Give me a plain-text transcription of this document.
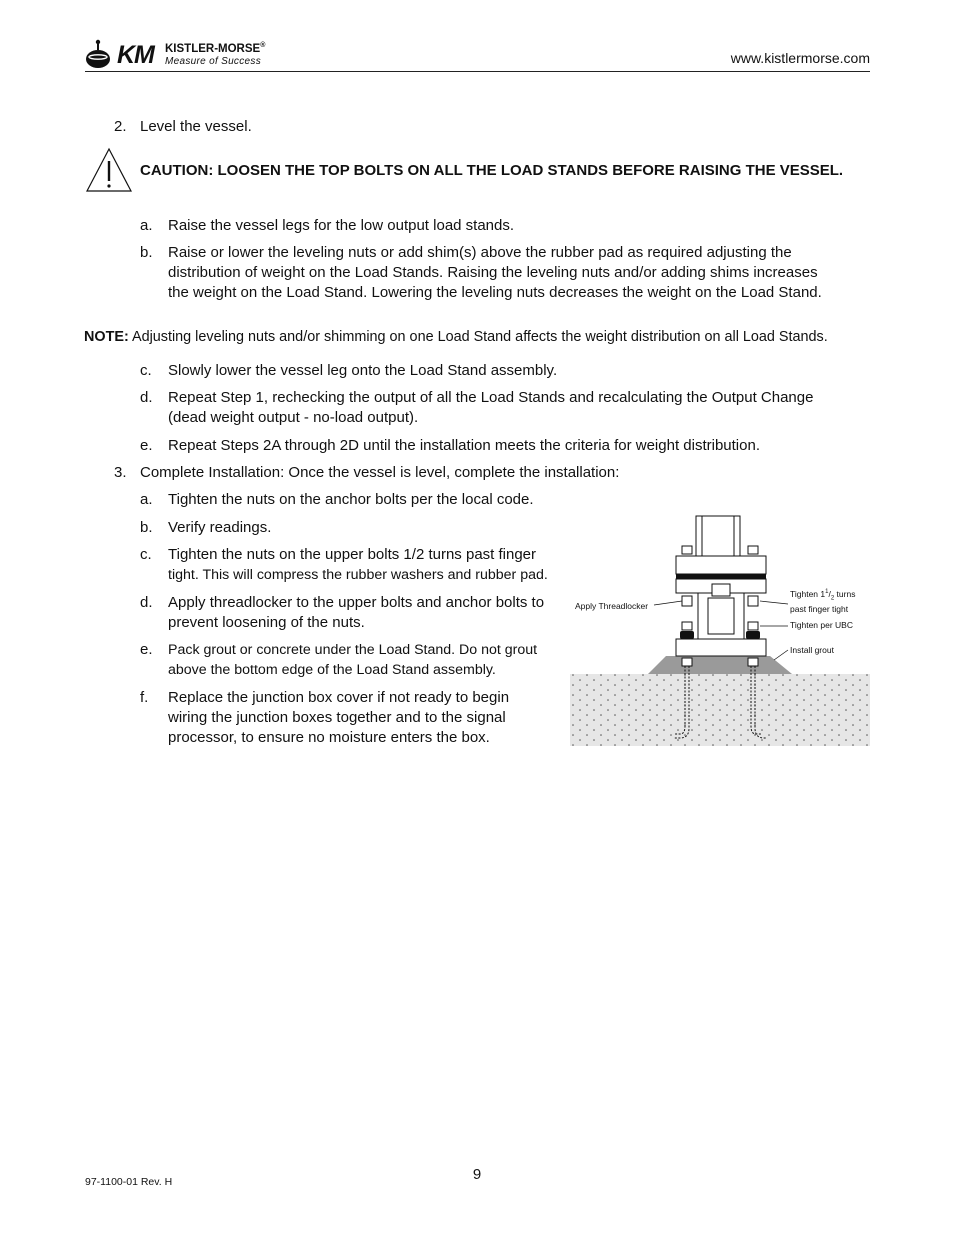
KM KISTLER-MORSE®
Measure of Success	www.kistlermorse.com
2. Level the vessel.
CAUTION: LOOSEN THE TOP BOLTS ON ALL THE LOAD STANDS BEFORE RAISING THE VESSEL.
a. Raise the vessel legs for the low output load stands.
b. Raise or lower the leveling nuts or add shim(s) above the rubber pad as required adjusting the
distribution of weight on the Load Stands. Raising the leveling nuts and/or adding shims increases
the weight on the Load Stand. Lowering the leveling nuts decreases the weight on the Load Stand.
NOTE: Adjusting leveling nuts and/or shimming on one Load Stand affects the weight distribution on all Load Stands.
c. Slowly lower the vessel leg onto the Load Stand assembly.
d. Repeat Step 1, rechecking the output of all the Load Stands and recalculating the Output Change
(dead weight output - no-load output).
e. Repeat Steps 2A through 2D until the installation meets the criteria for weight distribution.
3. Complete Installation: Once the vessel is level, complete the installation:
a. Tighten the nuts on the anchor bolts per the local code.
b. Verify readings.
c. Tighten the nuts on the upper bolts 1/2 turns past finger
tight. This will compress the rubber washers and rubber pad.
d. Apply threadlocker to the upper bolts and anchor bolts to
prevent loosening of the nuts.
e. Pack grout or concrete under the Load Stand. Do not grout
above the bottom edge of the Load Stand assembly.
f. Replace the junction box cover if not ready to begin
wiring the junction boxes together and to the signal
processor, to ensure no moisture enters the box.
Apply Threadlocker
Tighten $1^1/_2$ turns
past finger tight
Tighten per UBC
Install grout
9
97-1100-01 Rev. H
